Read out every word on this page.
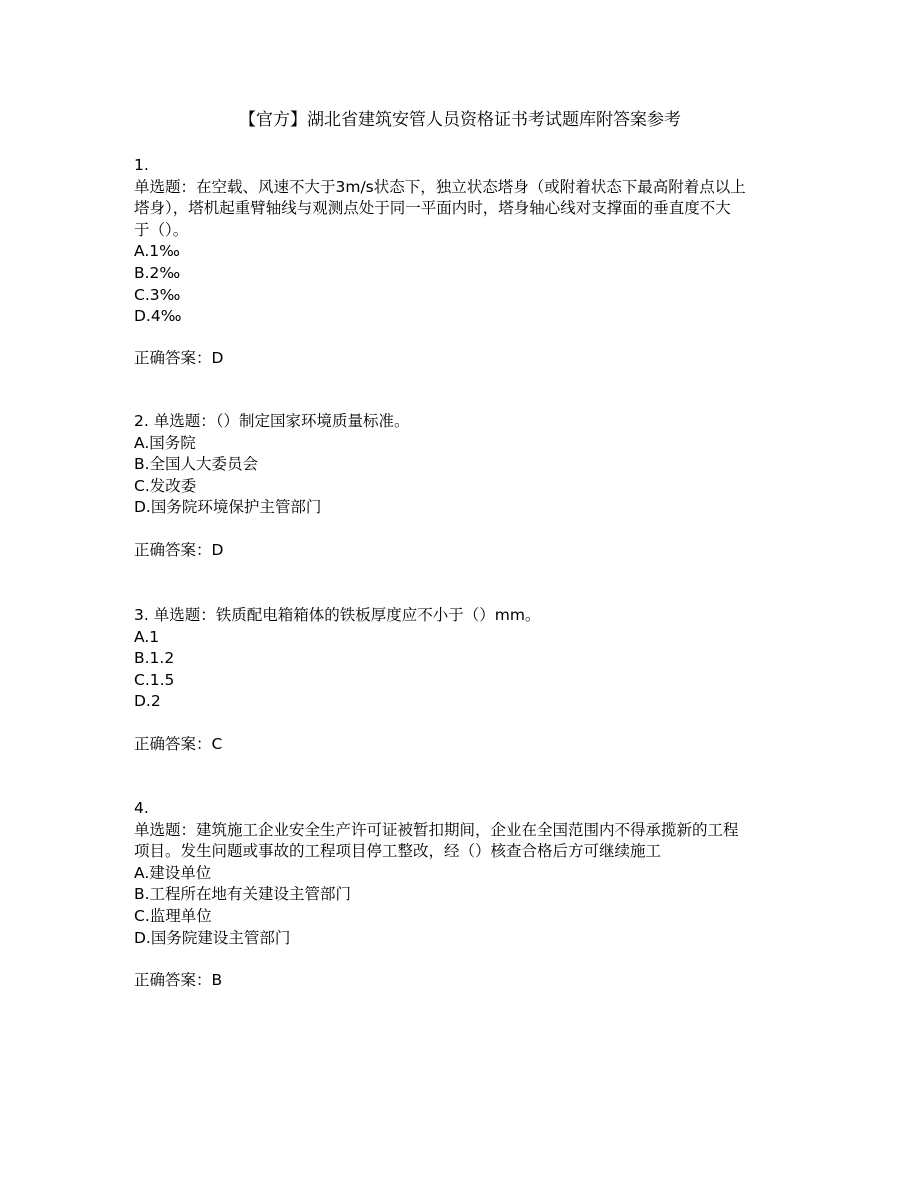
【官方】湖北省建筑安管人员资格证书考试题库附答案参考
1.
单选题：在空载、风速不大于3m/s状态下，独立状态塔身（或附着状态下最高附着点以上
塔身），塔机起重臂轴线与观测点处于同一平面内时，塔身轴心线对支撑面的垂直度不大
于（）。
A.1‰
B.2‰
C.3‰
D.4‰
正确答案：D
2. 单选题：（）制定国家环境质量标准。
A.国务院
B.全国人大委员会
C.发改委
D.国务院环境保护主管部门
正确答案：D
3. 单选题：铁质配电箱箱体的铁板厚度应不小于（）mm。
A.1
B.1.2
C.1.5
D.2
正确答案：C
4.
单选题：建筑施工企业安全生产许可证被暂扣期间，企业在全国范围内不得承揽新的工程
项目。发生问题或事故的工程项目停工整改，经（）核查合格后方可继续施工
A.建设单位
B.工程所在地有关建设主管部门
C.监理单位
D.国务院建设主管部门
正确答案：B
